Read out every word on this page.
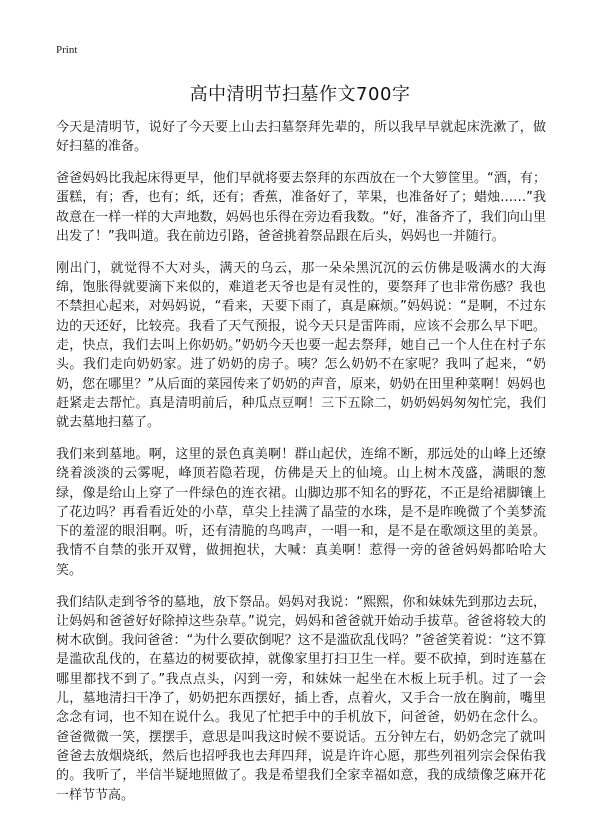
Print
高中清明节扫墓作文700字

今天是清明节，说好了今天要上山去扫墓祭拜先辈的，所以我早早就起床洗漱了，做好扫墓的准备。

爸爸妈妈比我起床得更早，他们早就将要去祭拜的东西放在一个大箩筐里。“酒，有；蛋糕，有；香，也有；纸，还有；香蕉，准备好了，苹果，也准备好了；蜡烛……”我故意在一样一样的大声地数，妈妈也乐得在旁边看我数。“好，准备齐了，我们向山里出发了！”我叫道。我在前边引路，爸爸挑着祭品跟在后头，妈妈也一并随行。

刚出门，就觉得不大对头，满天的乌云，那一朵朵黑沉沉的云仿佛是吸满水的大海绵，饱胀得就要滴下来似的，难道老天爷也是有灵性的，要祭拜了也非常伤感？我也不禁担心起来，对妈妈说，“看来，天要下雨了，真是麻烦。”妈妈说：“是啊，不过东边的天还好，比较亮。我看了天气预报，说今天只是雷阵雨，应该不会那么早下吧。走，快点，我们去叫上你奶奶。”奶奶今天也要一起去祭拜，她自己一个人住在村子东头。我们走向奶奶家。进了奶奶的房子。咦？怎么奶奶不在家呢？我叫了起来，“奶奶，您在哪里？”从后面的菜园传来了奶奶的声音，原来，奶奶在田里种菜啊！妈妈也赶紧走去帮忙。真是清明前后，种瓜点豆啊！三下五除二，奶奶妈妈匆匆忙完，我们就去墓地扫墓了。

我们来到墓地。啊，这里的景色真美啊！群山起伏，连绵不断，那远处的山峰上还缭绕着淡淡的云雾呢，峰顶若隐若现，仿佛是天上的仙境。山上树木茂盛，满眼的葱绿，像是给山上穿了一件绿色的连衣裙。山脚边那不知名的野花，不正是给裙脚镶上了花边吗？再看看近处的小草，草尖上挂满了晶莹的水珠，是不是昨晚微了个美梦流下的羞涩的眼泪啊。听，还有清脆的鸟鸣声，一唱一和，是不是在歌颂这里的美景。我情不自禁的张开双臂，做拥抱状，大喊：真美啊！惹得一旁的爸爸妈妈都哈哈大笑。

我们结队走到爷爷的墓地，放下祭品。妈妈对我说：“熙熙，你和妹妹先到那边去玩，让妈妈和爸爸好好除掉这些杂草。”说完，妈妈和爸爸就开始动手拔草。爸爸将较大的树木砍倒。我问爸爸：“为什么要砍倒呢？这不是滥砍乱伐吗？”爸爸笑着说：“这不算是滥砍乱伐的，在墓边的树要砍掉，就像家里打扫卫生一样。要不砍掉，到时连墓在哪里都找不到了。”我点点头，闪到一旁，和妹妹一起坐在木板上玩手机。过了一会儿，墓地清扫干净了，奶奶把东西摆好，插上香，点着火，又手合一放在胸前，嘴里念念有词，也不知在说什么。我见了忙把手中的手机放下，问爸爸，奶奶在念什么。爸爸微微一笑，摆摆手，意思是叫我这时候不要说话。五分钟左右，奶奶念完了就叫爸爸去放烟烧纸，然后也招呼我也去拜四拜，说是许许心愿，那些列祖列宗会保佑我的。我听了，半信半疑地照做了。我是希望我们全家幸福如意，我的成绩像芝麻开花一样节节高。
